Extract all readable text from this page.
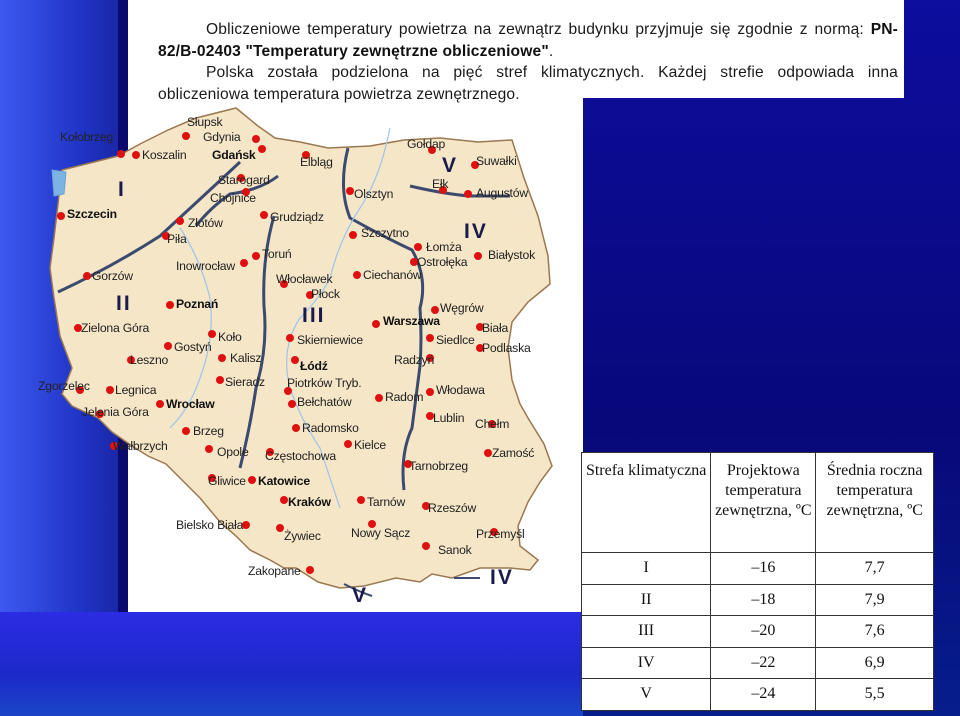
Obliczeniowe temperatury powietrza na zewnątrz budynku przyjmuje się zgodnie z normą: PN-82/B-02403 "Temperatury zewnętrzne obliczeniowe".

Polska została podzielona na pięć stref klimatycznych. Każdej strefie odpowiada inna obliczeniowa temperatura powietrza zewnętrznego.

I
II
III
IV
V
V
IV
Słupsk
Gdynia
Kołobrzeg
Koszalin Gdańsk	Elbląg
Gołdap
Suwałki
Starogard
Chojnice	Olsztyn
Ełk
Augustów
Szczecin
Złotów	Grudziądz
Piła	Szczytno
Łomża
Toruń
Ostrołęka Białystok
Inowrocław
Ciechanów
Gorzów	Włocławek
Płock
Poznań	Węgrów
Warszawa
Zielona Góra
Koło
Biała
Skierniewice	Siedlce
Podlaska
Gostyń
Leszno	Kalisz
Łódź	Radzyń
Zgorzelec Legnica
Sieradz Piotrków Tryb.	Włodawa
Wrocław	Radom
Jelenia Góra
Bełchatów
Lublin Chełm
Brzeg	Radomsko
Wałbrzych	Kielce
Opole Częstochowa	Zamość
Tarnobrzeg
Gliwice Katowice
Kraków	Tarnów Rzeszów
Bielsko Biała
Żywiec Nowy Sącz	Przemyśl
Sanok
Zakopane
Strefa klimatyczna	Projektowa temperatura zewnętrzna, ºC	Średnia roczna temperatura zewnętrzna, ºC
I	–16	7,7
II	–18	7,9
III	–20	7,6
IV	–22	6,9
V	–24	5,5
